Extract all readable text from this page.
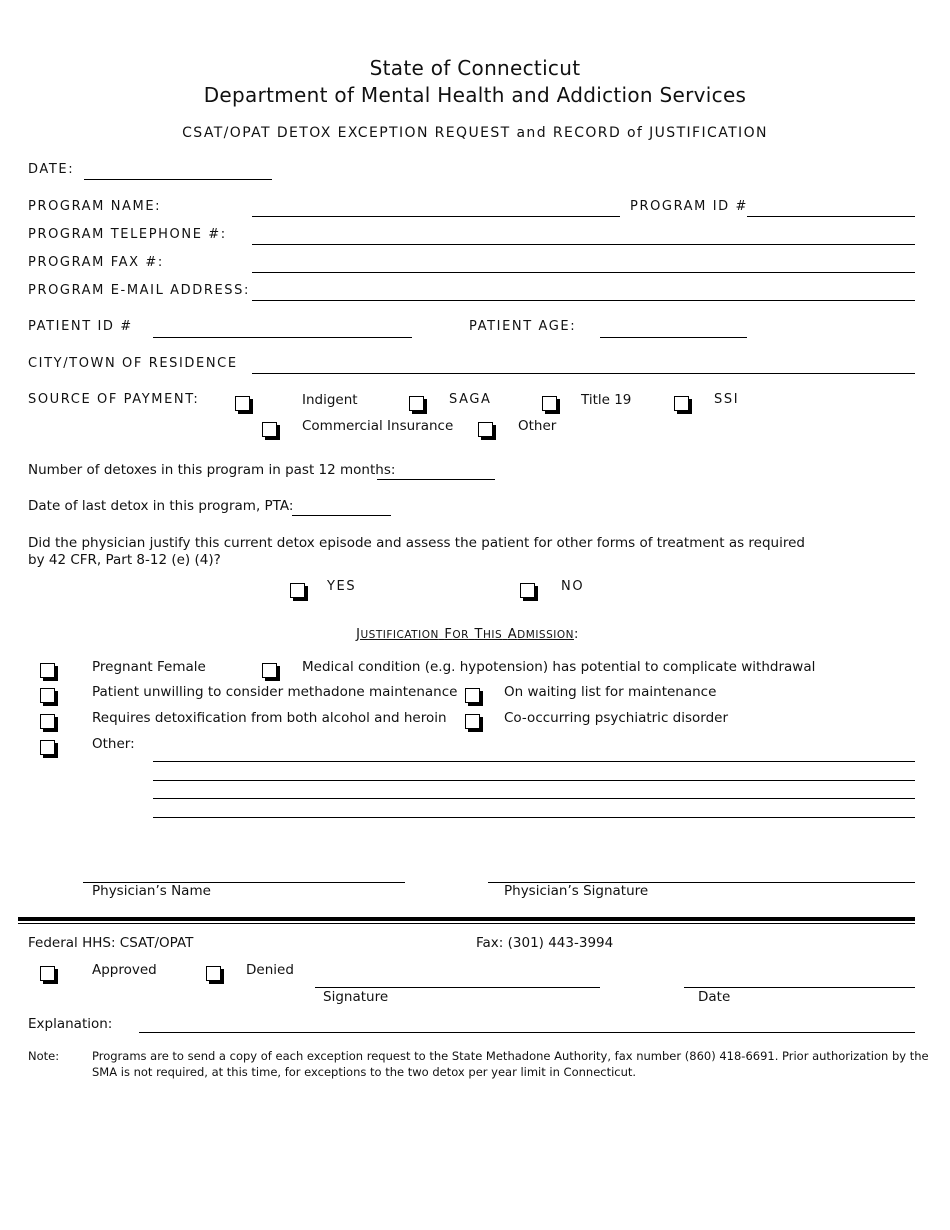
State of Connecticut
Department of Mental Health and Addiction Services
CSAT/OPAT DETOX EXCEPTION REQUEST and RECORD of JUSTIFICATION
DATE:
PROGRAM NAME:	PROGRAM ID #
PROGRAM TELEPHONE #:
PROGRAM FAX #:
PROGRAM E-MAIL ADDRESS:
PATIENT ID #	PATIENT AGE:
CITY/TOWN OF RESIDENCE
SOURCE OF PAYMENT:	Indigent	SAGA	Title 19	SSI
Commercial Insurance	Other
Number of detoxes in this program in past 12 months:
Date of last detox in this program, PTA:
Did the physician justify this current detox episode and assess the patient for other forms of treatment as required
by 42 CFR, Part 8-12 (e) (4)?
YES	NO
JUSTIFICATION FOR THIS ADMISSION:
Pregnant Female	Medical condition (e.g. hypotension) has potential to complicate withdrawal
Patient unwilling to consider methadone maintenance	On waiting list for maintenance
Requires detoxification from both alcohol and heroin	Co-occurring psychiatric disorder
Other:
Physician’s Name	Physician’s Signature
Federal HHS: CSAT/OPAT	Fax: (301) 443-3994
Approved	Denied
Signature	Date
Explanation:
Note:	Programs are to send a copy of each exception request to the State Methadone Authority, fax number (860) 418-6691. Prior authorization by the
SMA is not required, at this time, for exceptions to the two detox per year limit in Connecticut.
